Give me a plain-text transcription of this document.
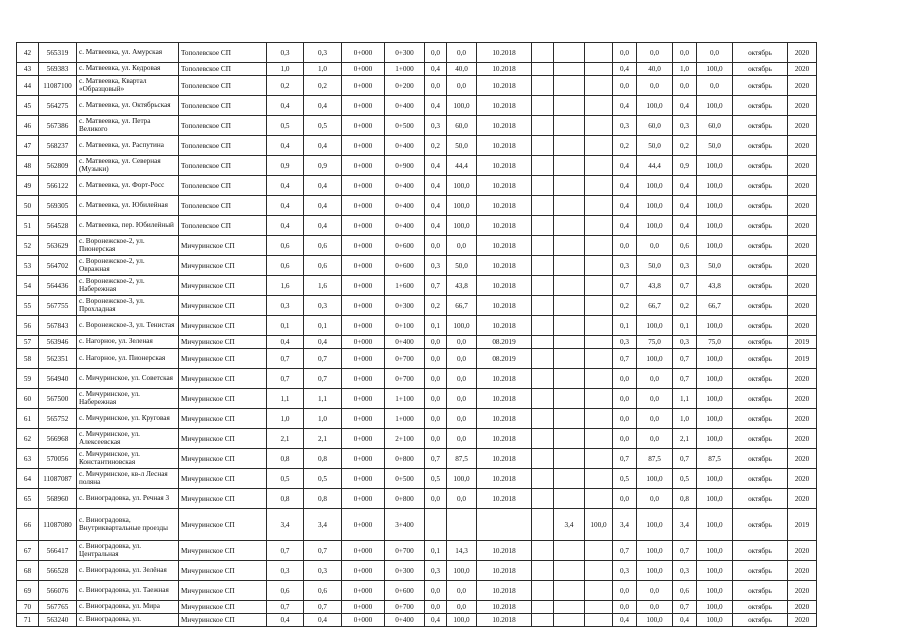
42	565319	с. Матвеевка, ул. Амурская	Тополевское СП	0,3	0,3	0+000	0+300	0,0	0,0	10.2018				0,0	0,0	0,0	0,0	октябрь	2020
43	569383	с. Матвеевка, ул. Кедровая	Тополевское СП	1,0	1,0	0+000	1+000	0,4	40,0	10.2018				0,4	40,0	1,0	100,0	октябрь	2020
44	11087100	с. Матвеевка, Квартал «Образцовый»	Тополевское СП	0,2	0,2	0+000	0+200	0,0	0,0	10.2018				0,0	0,0	0,0	0,0	октябрь	2020
45	564275	с. Матвеевка, ул. Октябрьская	Тополевское СП	0,4	0,4	0+000	0+400	0,4	100,0	10.2018				0,4	100,0	0,4	100,0	октябрь	2020
46	567386	с. Матвеевка, ул. Петра Великого	Тополевское СП	0,5	0,5	0+000	0+500	0,3	60,0	10.2018				0,3	60,0	0,3	60,0	октябрь	2020
47	568237	с. Матвеевка, ул. Распутина	Тополевское СП	0,4	0,4	0+000	0+400	0,2	50,0	10.2018				0,2	50,0	0,2	50,0	октябрь	2020
48	562809	с. Матвеевка, ул. Северная (Музыки)	Тополевское СП	0,9	0,9	0+000	0+900	0,4	44,4	10.2018				0,4	44,4	0,9	100,0	октябрь	2020
49	566122	с. Матвеевка, ул. Форт-Росс	Тополевское СП	0,4	0,4	0+000	0+400	0,4	100,0	10.2018				0,4	100,0	0,4	100,0	октябрь	2020
50	569305	с. Матвеевка, ул. Юбилейная	Тополевское СП	0,4	0,4	0+000	0+400	0,4	100,0	10.2018				0,4	100,0	0,4	100,0	октябрь	2020
51	564528	с. Матвеевка, пер. Юбилейный	Тополевское СП	0,4	0,4	0+000	0+400	0,4	100,0	10.2018				0,4	100,0	0,4	100,0	октябрь	2020
52	563629	с. Воронежское-2, ул. Пионерская	Мичуринское СП	0,6	0,6	0+000	0+600	0,0	0,0	10.2018				0,0	0,0	0,6	100,0	октябрь	2020
53	564702	с. Воронежское-2, ул. Овражная	Мичуринское СП	0,6	0,6	0+000	0+600	0,3	50,0	10.2018				0,3	50,0	0,3	50,0	октябрь	2020
54	564436	с. Воронежское-2, ул. Набережная	Мичуринское СП	1,6	1,6	0+000	1+600	0,7	43,8	10.2018				0,7	43,8	0,7	43,8	октябрь	2020
55	567755	с. Воронежское-3, ул. Прохладная	Мичуринское СП	0,3	0,3	0+000	0+300	0,2	66,7	10.2018				0,2	66,7	0,2	66,7	октябрь	2020
56	567843	с. Воронежское-3, ул. Тенистая	Мичуринское СП	0,1	0,1	0+000	0+100	0,1	100,0	10.2018				0,1	100,0	0,1	100,0	октябрь	2020
57	563946	с. Нагорное, ул. Зеленая	Мичуринское СП	0,4	0,4	0+000	0+400	0,0	0,0	08.2019				0,3	75,0	0,3	75,0	октябрь	2019
58	562351	с. Нагорное, ул. Пионерская	Мичуринское СП	0,7	0,7	0+000	0+700	0,0	0,0	08.2019				0,7	100,0	0,7	100,0	октябрь	2019
59	564940	с. Мичуринское, ул. Советская	Мичуринское СП	0,7	0,7	0+000	0+700	0,0	0,0	10.2018				0,0	0,0	0,7	100,0	октябрь	2020
60	567500	с. Мичуринское, ул. Набережная	Мичуринское СП	1,1	1,1	0+000	1+100	0,0	0,0	10.2018				0,0	0,0	1,1	100,0	октябрь	2020
61	565752	с. Мичуринское, ул. Круговая	Мичуринское СП	1,0	1,0	0+000	1+000	0,0	0,0	10.2018				0,0	0,0	1,0	100,0	октябрь	2020
62	566968	с. Мичуринское, ул. Алексеевская	Мичуринское СП	2,1	2,1	0+000	2+100	0,0	0,0	10.2018				0,0	0,0	2,1	100,0	октябрь	2020
63	570056	с. Мичуринское, ул. Константиновская	Мичуринское СП	0,8	0,8	0+000	0+800	0,7	87,5	10.2018				0,7	87,5	0,7	87,5	октябрь	2020
64	11087087	с. Мичуринское, кв-л Лесная поляна	Мичуринское СП	0,5	0,5	0+000	0+500	0,5	100,0	10.2018				0,5	100,0	0,5	100,0	октябрь	2020
65	568960	с. Виноградовка, ул. Речная 3	Мичуринское СП	0,8	0,8	0+000	0+800	0,0	0,0	10.2018				0,0	0,0	0,8	100,0	октябрь	2020
66	11087080	с. Виноградовка, Внутриквартальные проезды	Мичуринское СП	3,4	3,4	0+000	3+400					3,4	100,0	3,4	100,0	3,4	100,0	октябрь	2019
67	566417	с. Виноградовка, ул. Центральная	Мичуринское СП	0,7	0,7	0+000	0+700	0,1	14,3	10.2018				0,7	100,0	0,7	100,0	октябрь	2020
68	566528	с. Виноградовка, ул. Зелёная	Мичуринское СП	0,3	0,3	0+000	0+300	0,3	100,0	10.2018				0,3	100,0	0,3	100,0	октябрь	2020
69	566076	с. Виноградовка, ул. Таежная	Мичуринское СП	0,6	0,6	0+000	0+600	0,0	0,0	10.2018				0,0	0,0	0,6	100,0	октябрь	2020
70	567765	с. Виноградовка, ул. Мира	Мичуринское СП	0,7	0,7	0+000	0+700	0,0	0,0	10.2018				0,0	0,0	0,7	100,0	октябрь	2020
71	563240	с. Виноградовка, ул.	Мичуринское СП	0,4	0,4	0+000	0+400	0,4	100,0	10.2018				0,4	100,0	0,4	100,0	октябрь	2020
